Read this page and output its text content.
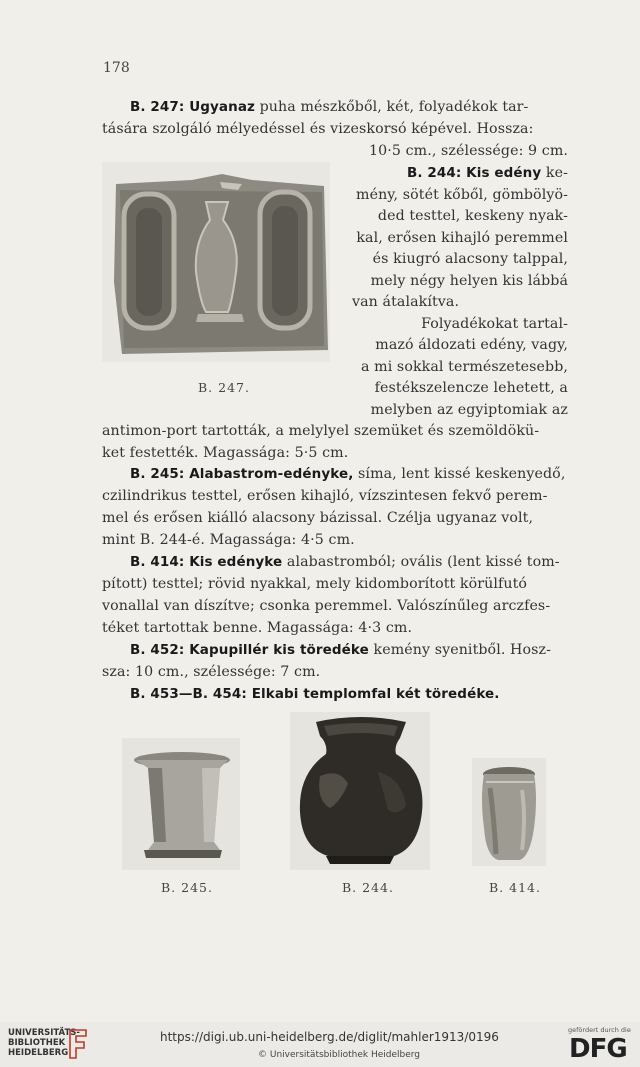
178
B. 247: Ugyanaz puha mészkőből, két, folyadékok tar-
tására szolgáló mélyedéssel és vizeskorsó képével. Hossza:
10·5 cm., szélessége: 9 cm.
B. 247.
B. 244: Kis edény ke-
mény, sötét kőből, gömbölyö-
ded testtel, keskeny nyak-
kal, erősen kihajló peremmel
és kiugró alacsony talppal,
mely négy helyen kis lábbá
van átalakítva.
Folyadékokat tartal-
mazó áldozati edény, vagy,
a mi sokkal természetesebb,
festékszelencze lehetett, a
melyben az egyiptomiak az
antimon-port tartották, a melylyel szemüket és szemöldökü-
ket festették. Magassága: 5·5 cm.
B. 245: Alabastrom-edényke, síma, lent kissé keskenyedő,
czilindrikus testtel, erősen kihajló, vízszintesen fekvő perem-
mel és erősen kiálló alacsony bázissal. Czélja ugyanaz volt,
mint B. 244-é. Magassága: 4·5 cm.
B. 414: Kis edényke alabastromból; ovális (lent kissé tom-
pított) testtel; rövid nyakkal, mely kidomborított körülfutó
vonallal van díszítve; csonka peremmel. Valószínűleg arczfes-
téket tartottak benne. Magassága: 4·3 cm.
B. 452: Kapupillér kis töredéke kemény syenitből. Hosz-
sza: 10 cm., szélessége: 7 cm.
B. 453—B. 454: Elkabi templomfal két töredéke.
B. 245.	B. 244.	B. 414.
UNIVERSITÄTS-
BIBLIOTHEK
HEIDELBERG
https://digi.ub.uni-heidelberg.de/diglit/mahler1913/0196
© Universitätsbibliothek Heidelberg
gefördert durch die
DFG
